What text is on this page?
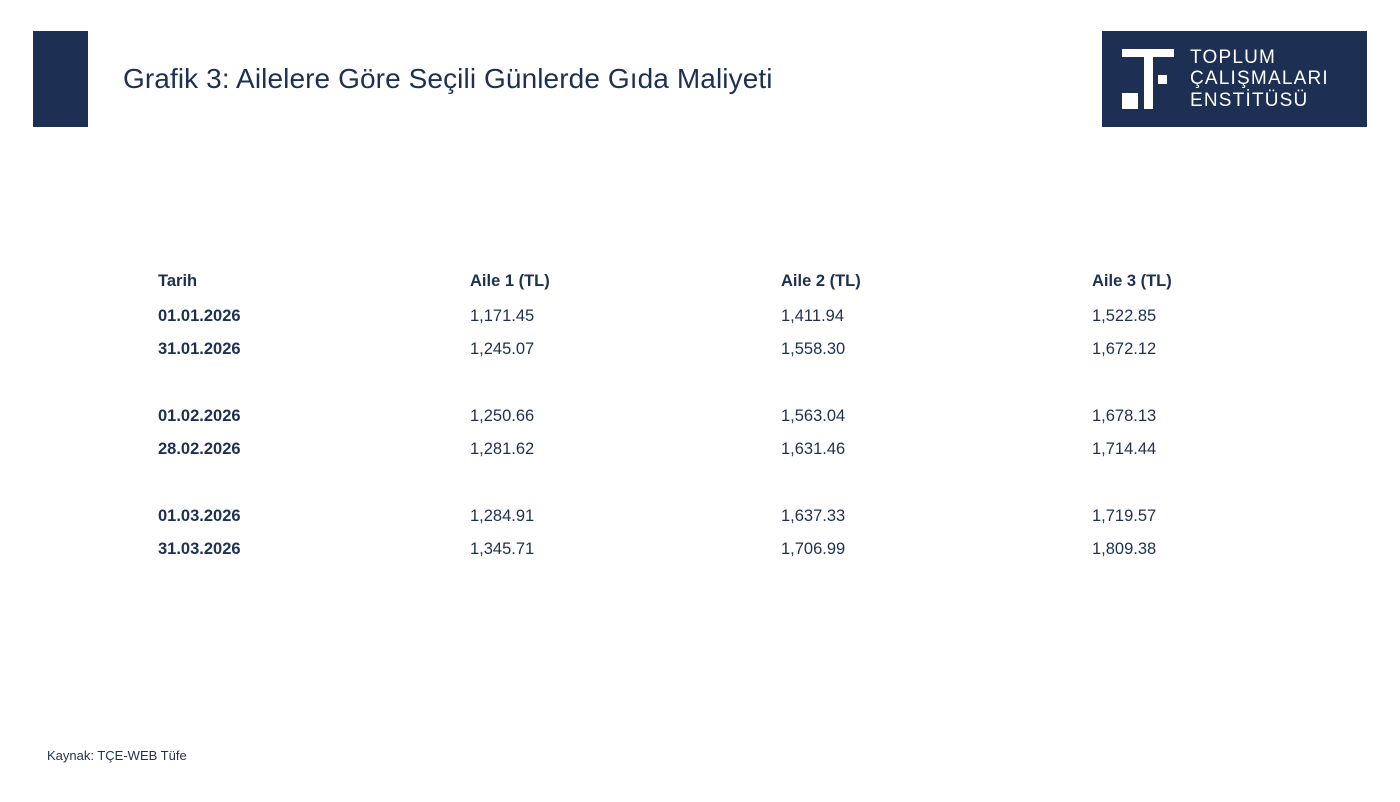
Grafik 3: Ailelere Göre Seçili Günlerde Gıda Maliyeti
TOPLUM
ÇALIŞMALARI
ENSTİTÜSÜ
Tarih	Aile 1 (TL)	Aile 2 (TL)	Aile 3 (TL)
01.01.2026	1,171.45	1,411.94	1,522.85
31.01.2026	1,245.07	1,558.30	1,672.12

01.02.2026	1,250.66	1,563.04	1,678.13
28.02.2026	1,281.62	1,631.46	1,714.44

01.03.2026	1,284.91	1,637.33	1,719.57
31.03.2026	1,345.71	1,706.99	1,809.38
Kaynak: TÇE-WEB Tüfe
